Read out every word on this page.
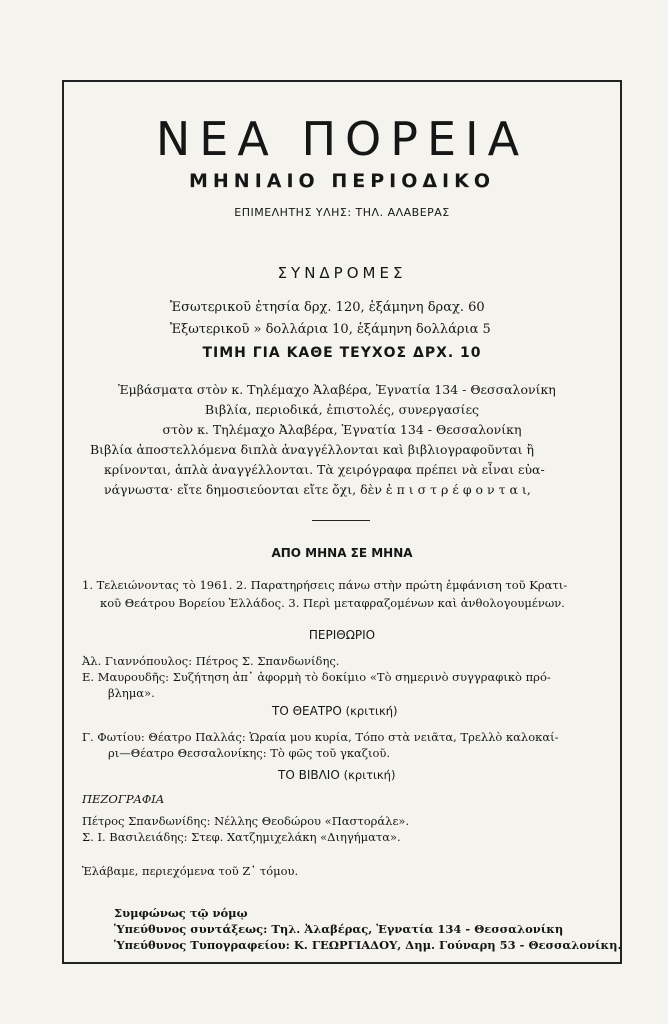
ΝΕΑ ΠΟΡΕΙΑ
ΜΗΝΙΑΙΟ ΠΕΡΙΟΔΙΚΟ
ΕΠΙΜΕΛΗΤΗΣ ΥΛΗΣ: ΤΗΛ. ΑΛΑΒΕΡΑΣ
ΣΥΝΔΡΟΜΕΣ
Ἐσωτερικοῦ ἐτησία δρχ. 120, ἑξάμηνη δραχ. 60
Ἐξωτερικοῦ » δολλάρια 10, ἑξάμηνη δολλάρια 5
ΤΙΜΗ ΓΙΑ ΚΑΘΕ ΤΕΥΧΟΣ ΔΡΧ. 10
Ἐμβάσματα στὸν κ. Τηλέμαχο Ἀλαβέρα, Ἐγνατία 134 - Θεσσαλονίκη
Βιβλία, περιοδικά, ἐπιστολές, συνεργασίες
στὸν κ. Τηλέμαχο Ἀλαβέρα, Ἐγνατία 134 - Θεσσαλονίκη
Βιβλία ἀποστελλόμενα διπλὰ ἀναγγέλλονται καὶ βιβλιογραφοῦνται ἢ
κρίνονται, ἁπλὰ ἀναγγέλλονται. Τὰ χειρόγραφα πρέπει νὰ εἶναι εὐα-
νάγνωστα· εἴτε δημοσιεύονται εἴτε ὄχι, δὲν ἐ π ι σ τ ρ έ φ ο ν τ α ι,
ΑΠΟ ΜΗΝΑ ΣΕ ΜΗΝΑ
1. Τελειώνοντας τὸ 1961. 2. Παρατηρήσεις πάνω στὴν πρώτη ἐμφάνιση τοῦ Κρατι-
κοῦ Θεάτρου Βορείου Ἑλλάδος. 3. Περὶ μεταφραζομένων καὶ ἀνθολογουμένων.
ΠΕΡΙΘΩΡΙΟ
Ἀλ. Γιαννόπουλος: Πέτρος Σ. Σπανδωνίδης.
Ε. Μαυρουδῆς: Συζήτηση ἀπ᾽ ἀφορμὴ τὸ δοκίμιο «Τὸ σημερινὸ συγγραφικὸ πρό-
βλημα».
ΤΟ ΘΕΑΤΡΟ (κριτική)
Γ. Φωτίου: Θέατρο Παλλάς: Ὡραία μου κυρία, Τόπο στὰ νειᾶτα, Τρελλὸ καλοκαί-
ρι—Θέατρο Θεσσαλονίκης: Τὸ φῶς τοῦ γκαζιοῦ.
ΤΟ ΒΙΒΛΙΟ (κριτική)
ΠΕΖΟΓΡΑΦΙΑ
Πέτρος Σπανδωνίδης: Νέλλης Θεοδώρου «Παστοράλε».
Σ. Ι. Βασιλειάδης: Στεφ. Χατζημιχελάκη «Διηγήματα».
Ἐλάβαμε, περιεχόμενα τοῦ Ζ᾽ τόμου.
Συμφώνως τῷ νόμῳ
Ὑπεύθυνος συντάξεως: Τηλ. Ἀλαβέρας, Ἐγνατία 134 - Θεσσαλονίκη
Ὑπεύθυνος Τυπογραφείου: Κ. ΓΕΩΡΓΙΑΔΟΥ, Δημ. Γούναρη 53 - Θεσσαλονίκη.
